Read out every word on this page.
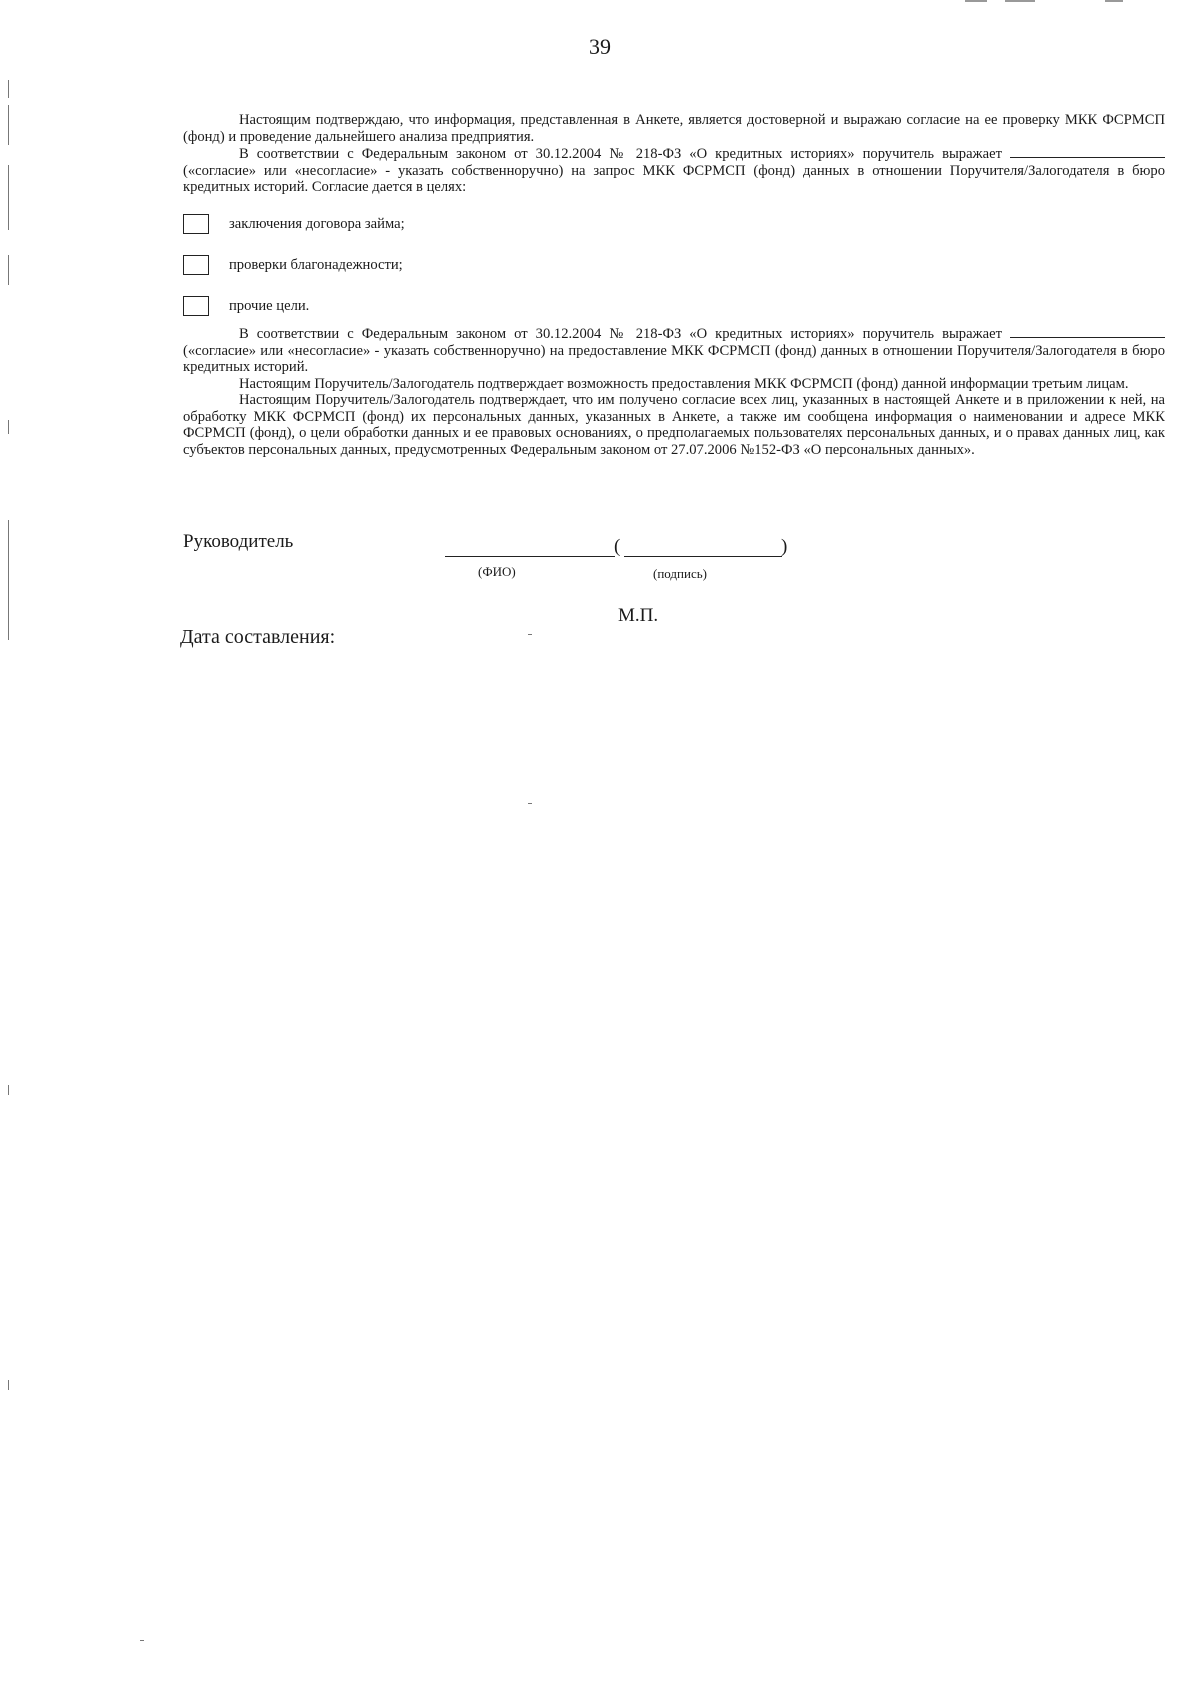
39

Настоящим подтверждаю, что информация, представленная в Анкете, является достоверной и выражаю согласие на ее проверку МКК ФСРМСП (фонд) и проведение дальнейшего анализа предприятия.

В соответствии с Федеральным законом от 30.12.2004 № 218-ФЗ «О кредитных историях» поручитель выражает  («согласие» или «несогласие» - указать собственноручно) на запрос МКК ФСРМСП (фонд) данных в отношении Поручителя/Залогодателя в бюро кредитных историй. Согласие дается в целях:

заключения договора займа;
проверки благонадежности;
прочие цели.

В соответствии с Федеральным законом от 30.12.2004 № 218-ФЗ «О кредитных историях» поручитель выражает  («согласие» или «несогласие» - указать собственноручно) на предоставление МКК ФСРМСП (фонд) данных в отношении Поручителя/Залогодателя в бюро кредитных историй.

Настоящим Поручитель/Залогодатель подтверждает возможность предоставления МКК ФСРМСП (фонд) данной информации третьим лицам.

Настоящим Поручитель/Залогодатель подтверждает, что им получено согласие всех лиц, указанных в настоящей Анкете и в приложении к ней, на обработку МКК ФСРМСП (фонд) их персональных данных, указанных в Анкете, а также им сообщена информация о наименовании и адресе МКК ФСРМСП (фонд), о цели обработки данных и ее правовых основаниях, о предполагаемых пользователях персональных данных, и о правах данных лиц, как субъектов персональных данных, предусмотренных Федеральным законом от 27.07.2006 №152-ФЗ «О персональных данных».

Руководитель	(	)
(ФИО)	(подпись)
М.П.
Дата составления:
